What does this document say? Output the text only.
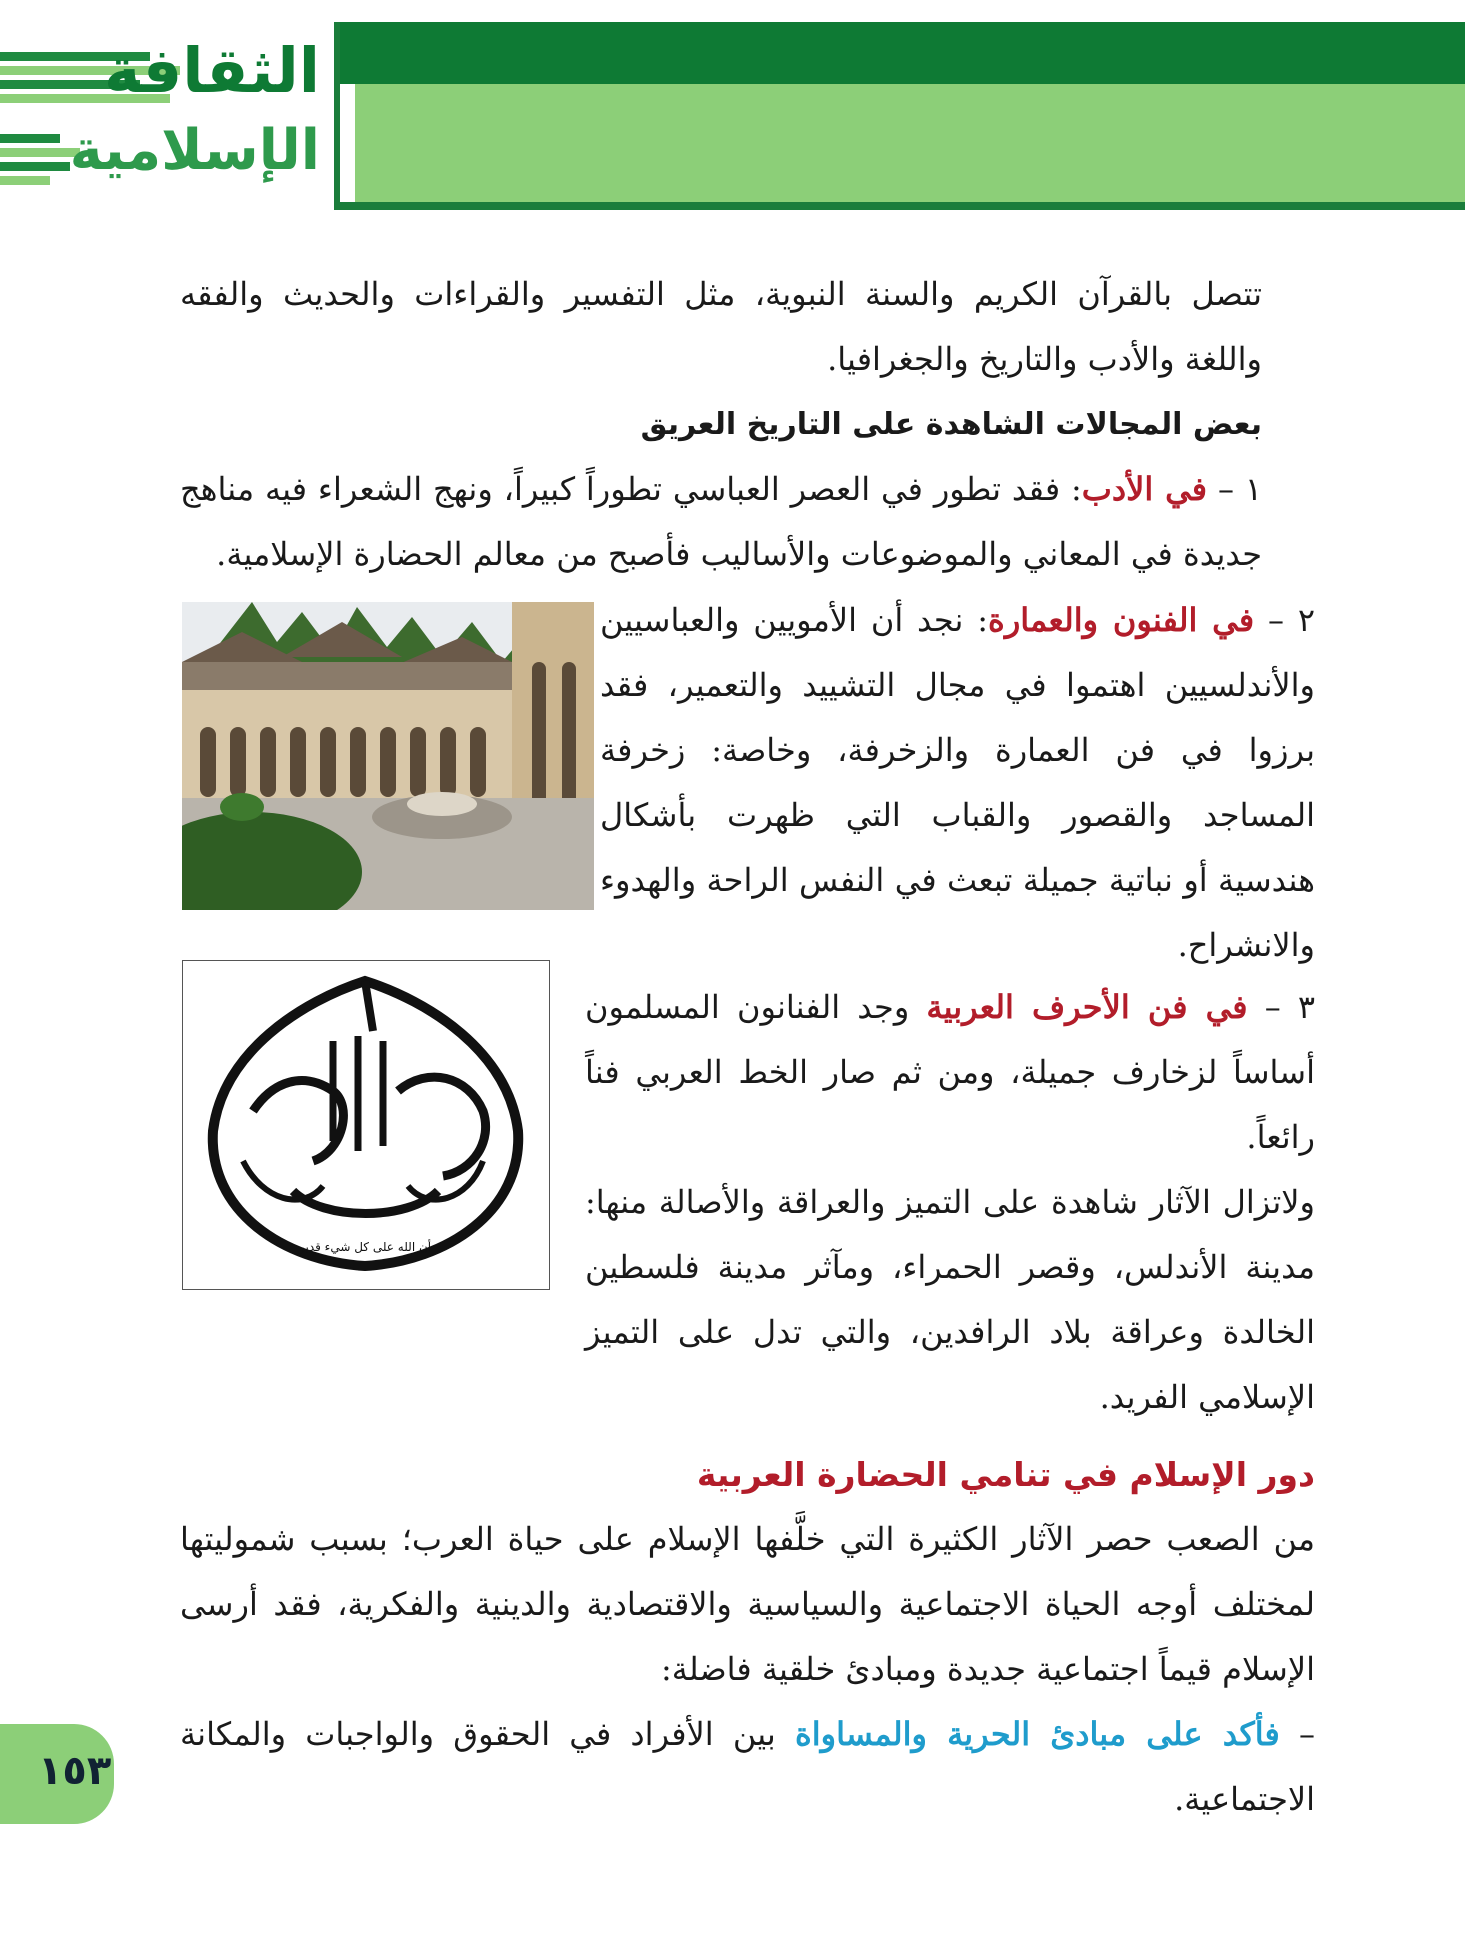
الثقافة
الإسلامية

تتصل بالقرآن الكريم والسنة النبوية، مثل التفسير والقراءات والحديث والفقه واللغة والأدب والتاريخ والجغرافيا.

بعض المجالات الشاهدة على التاريخ العريق

١ – في الأدب: فقد تطور في العصر العباسي تطوراً كبيراً، ونهج الشعراء فيه مناهج جديدة في المعاني والموضوعات والأساليب فأصبح من معالم الحضارة الإسلامية.

٢ – في الفنون والعمارة: نجد أن الأمويين والعباسيين والأندلسيين اهتموا في مجال التشييد والتعمير، فقد برزوا في فن العمارة والزخرفة، وخاصة: زخرفة المساجد والقصور والقباب التي ظهرت بأشكال هندسية أو نباتية جميلة تبعث في النفس الراحة والهدوء والانشراح.

٣ – في فن الأحرف العربية وجد الفنانون المسلمون أساساً لزخارف جميلة، ومن ثم صار الخط العربي فناً رائعاً.

ولاتزال الآثار شاهدة على التميز والعراقة والأصالة منها: مدينة الأندلس، وقصر الحمراء، ومآثر مدينة فلسطين الخالدة وعراقة بلاد الرافدين، والتي تدل على التميز الإسلامي الفريد.

أن الله على كل شيء قدير

دور الإسلام في تنامي الحضارة العربية

من الصعب حصر الآثار الكثيرة التي خلَّفها الإسلام على حياة العرب؛ بسبب شموليتها لمختلف أوجه الحياة الاجتماعية والسياسية والاقتصادية والدينية والفكرية، فقد أرسى الإسلام قيماً اجتماعية جديدة ومبادئ خلقية فاضلة:

– فأكد على مبادئ الحرية والمساواة بين الأفراد في الحقوق والواجبات والمكانة الاجتماعية.

١٥٣
